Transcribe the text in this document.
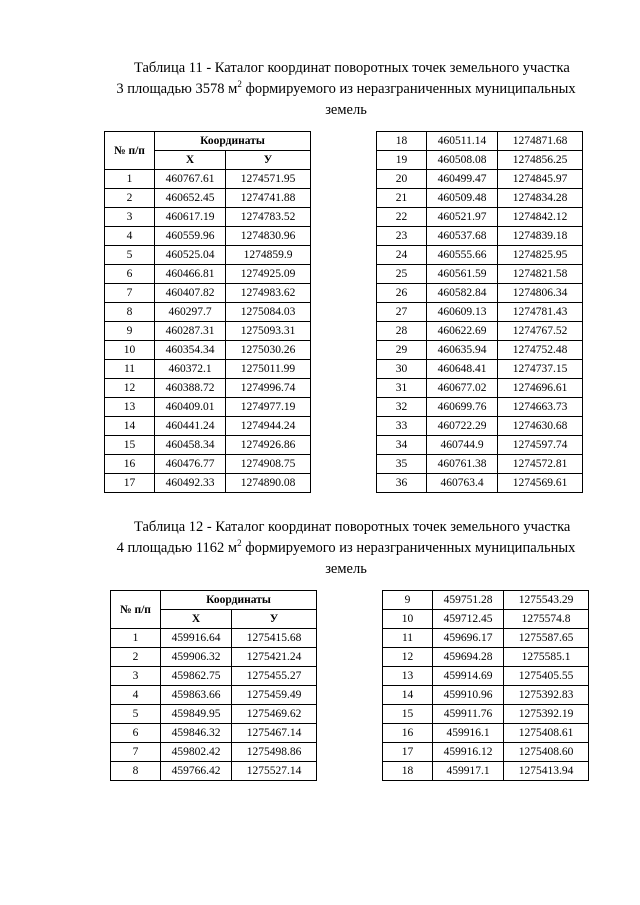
Таблица 11 - Каталог координат поворотных точек земельного участка
3 площадью 3578 $м^2$ формируемого из неразграниченных муниципальных
земель
№ п/п	Координаты	
	Х	У
1	460767.61	1274571.95
2	460652.45	1274741.88
3	460617.19	1274783.52
4	460559.96	1274830.96
5	460525.04	1274859.9
6	460466.81	1274925.09
7	460407.82	1274983.62
8	460297.7	1275084.03
9	460287.31	1275093.31
10	460354.34	1275030.26
11	460372.1	1275011.99
12	460388.72	1274996.74
13	460409.01	1274977.19
14	460441.24	1274944.24
15	460458.34	1274926.86
16	460476.77	1274908.75
17	460492.33	1274890.08
18	460511.14	1274871.68
19	460508.08	1274856.25
20	460499.47	1274845.97
21	460509.48	1274834.28
22	460521.97	1274842.12
23	460537.68	1274839.18
24	460555.66	1274825.95
25	460561.59	1274821.58
26	460582.84	1274806.34
27	460609.13	1274781.43
28	460622.69	1274767.52
29	460635.94	1274752.48
30	460648.41	1274737.15
31	460677.02	1274696.61
32	460699.76	1274663.73
33	460722.29	1274630.68
34	460744.9	1274597.74
35	460761.38	1274572.81
36	460763.4	1274569.61
Таблица 12 - Каталог координат поворотных точек земельного участка
4 площадью 1162 $м^2$ формируемого из неразграниченных муниципальных
земель
№ п/п	Координаты	
	Х	У
1	459916.64	1275415.68
2	459906.32	1275421.24
3	459862.75	1275455.27
4	459863.66	1275459.49
5	459849.95	1275469.62
6	459846.32	1275467.14
7	459802.42	1275498.86
8	459766.42	1275527.14
9	459751.28	1275543.29
10	459712.45	1275574.8
11	459696.17	1275587.65
12	459694.28	1275585.1
13	459914.69	1275405.55
14	459910.96	1275392.83
15	459911.76	1275392.19
16	459916.1	1275408.61
17	459916.12	1275408.60
18	459917.1	1275413.94
